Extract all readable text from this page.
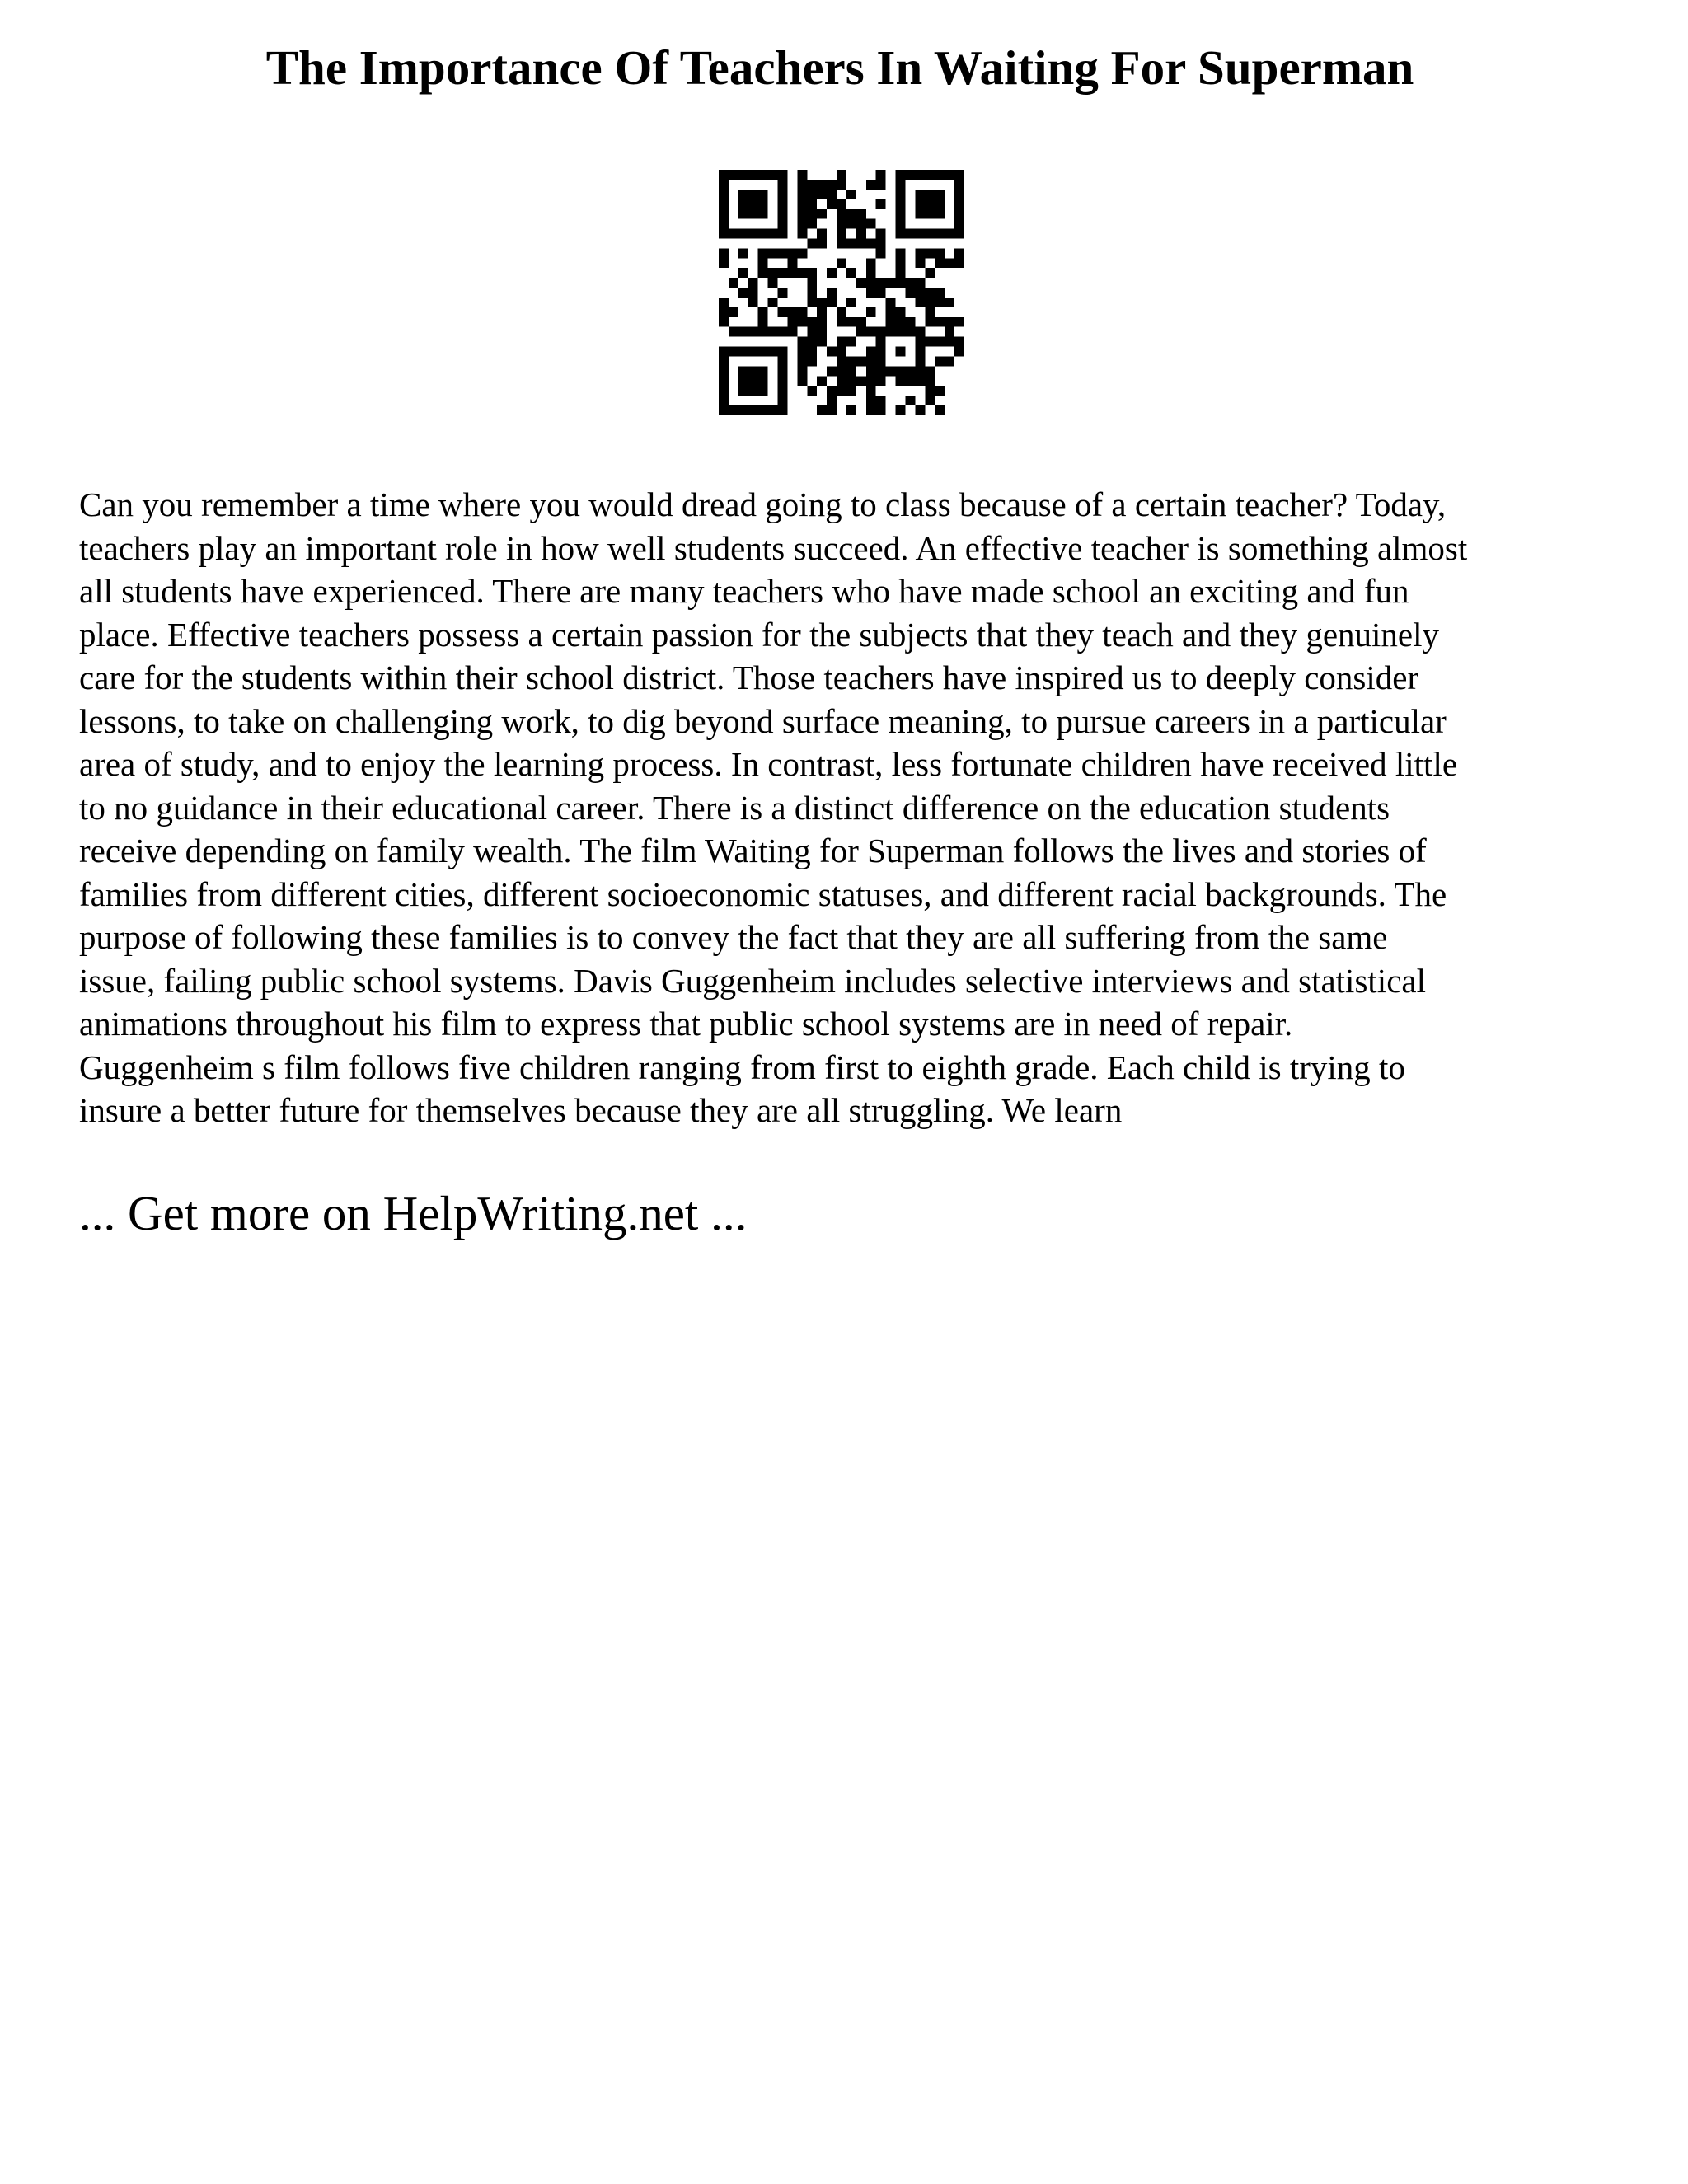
The Importance Of Teachers In Waiting For Superman
Can you remember a time where you would dread going to class because of a certain teacher? Today,
teachers play an important role in how well students succeed. An effective teacher is something almost
all students have experienced. There are many teachers who have made school an exciting and fun
place. Effective teachers possess a certain passion for the subjects that they teach and they genuinely
care for the students within their school district. Those teachers have inspired us to deeply consider
lessons, to take on challenging work, to dig beyond surface meaning, to pursue careers in a particular
area of study, and to enjoy the learning process. In contrast, less fortunate children have received little
to no guidance in their educational career. There is a distinct difference on the education students
receive depending on family wealth. The film Waiting for Superman follows the lives and stories of
families from different cities, different socioeconomic statuses, and different racial backgrounds. The
purpose of following these families is to convey the fact that they are all suffering from the same
issue, failing public school systems. Davis Guggenheim includes selective interviews and statistical
animations throughout his film to express that public school systems are in need of repair.
Guggenheim s film follows five children ranging from first to eighth grade. Each child is trying to
insure a better future for themselves because they are all struggling. We learn
... Get more on HelpWriting.net ...
